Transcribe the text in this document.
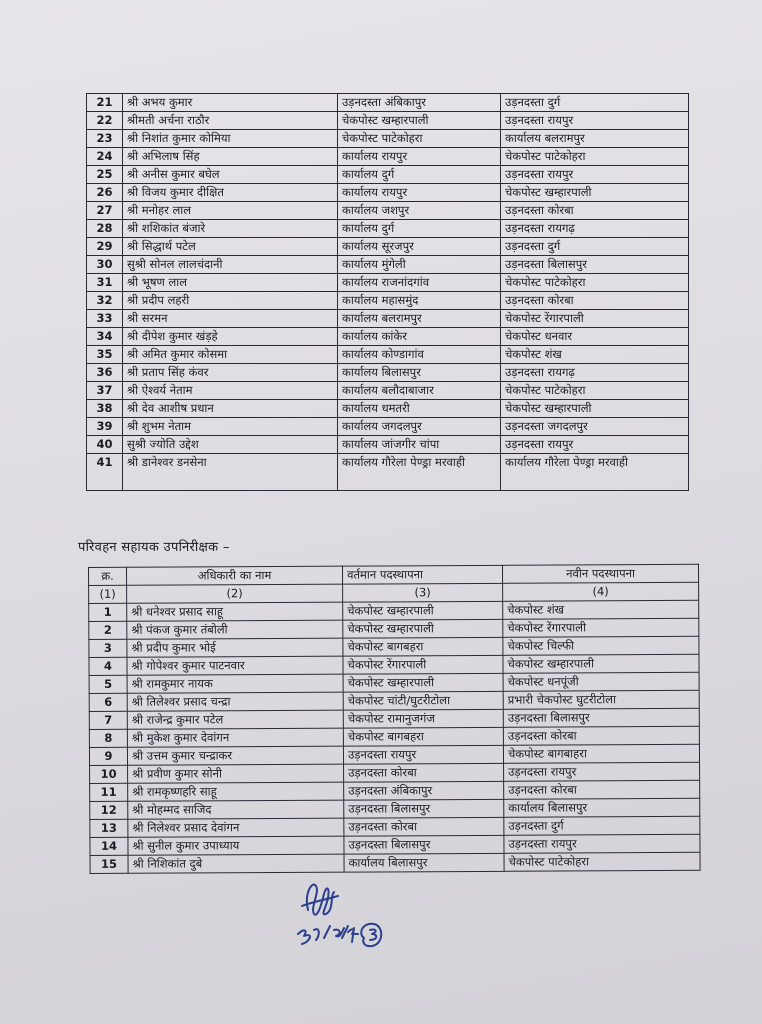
21	श्री अभय कुमार	उड़नदस्ता अंबिकापुर	उड़नदस्ता दुर्ग
22	श्रीमती अर्चना राठौर	चेकपोस्ट खम्हारपाली	उड़नदस्ता रायपुर
23	श्री निशांत कुमार कोमिया	चेकपोस्ट पाटेकोहरा	कार्यालय बलरामपुर
24	श्री अभिलाष सिंह	कार्यालय रायपुर	चेकपोस्ट पाटेकोहरा
25	श्री अनीस कुमार बघेल	कार्यालय दुर्ग	उड़नदस्ता रायपुर
26	श्री विजय कुमार दीक्षित	कार्यालय रायपुर	चेकपोस्ट खम्हारपाली
27	श्री मनोहर लाल	कार्यालय जशपुर	उड़नदस्ता कोरबा
28	श्री शशिकांत बंजारे	कार्यालय दुर्ग	उड़नदस्ता रायगढ़
29	श्री सिद्धार्थ पटेल	कार्यालय सूरजपुर	उड़नदस्ता दुर्ग
30	सुश्री सोनल लालचंदानी	कार्यालय मुंगेली	उड़नदस्ता बिलासपुर
31	श्री भूषण लाल	कार्यालय राजनांदगांव	चेकपोस्ट पाटेकोहरा
32	श्री प्रदीप लहरी	कार्यालय महासमुंद	उड़नदस्ता कोरबा
33	श्री सरमन	कार्यालय बलरामपुर	चेकपोस्ट रेंगारपाली
34	श्री दीपेश कुमार खंड़हे	कार्यालय कांकेर	चेकपोस्ट धनवार
35	श्री अमित कुमार कोसमा	कार्यालय कोण्डागांव	चेकपोस्ट शंख
36	श्री प्रताप सिंह कंवर	कार्यालय बिलासपुर	उड़नदस्ता रायगढ़
37	श्री ऐश्वर्य नेताम	कार्यालय बलौदाबाजार	चेकपोस्ट पाटेकोहरा
38	श्री देव आशीष प्रधान	कार्यालय धमतरी	चेकपोस्ट खम्हारपाली
39	श्री शुभम नेताम	कार्यालय जगदलपुर	उड़नदस्ता जगदलपुर
40	सुश्री ज्योति उद्देश	कार्यालय जांजगीर चांपा	उड़नदस्ता रायपुर
41	श्री डानेश्वर डनसेना	कार्यालय गौरेला पेण्ड्रा मरवाही	कार्यालय गौरेला पेण्ड्रा मरवाही
परिवहन सहायक उपनिरीक्षक –
क्र.	अधिकारी का नाम	वर्तमान पदस्थापना	नवीन पदस्थापना
(1)	(2)	(3)	(4)
1	श्री धनेश्वर प्रसाद साहू	चेकपोस्ट खम्हारपाली	चेकपोस्ट शंख
2	श्री पंकज कुमार तंबोली	चेकपोस्ट खम्हारपाली	चेकपोस्ट रेंगारपाली
3	श्री प्रदीप कुमार भोई	चेकपोस्ट बागबहरा	चेकपोस्ट चिल्फी
4	श्री गोपेश्वर कुमार पाटनवार	चेकपोस्ट रेंगारपाली	चेकपोस्ट खम्हारपाली
5	श्री रामकुमार नायक	चेकपोस्ट खम्हारपाली	चेकपोस्ट धनपूंजी
6	श्री तिलेश्वर प्रसाद चन्द्रा	चेकपोस्ट चांटी/घुटरीटोला	प्रभारी चेकपोस्ट घुटरीटोला
7	श्री राजेन्द्र कुमार पटेल	चेकपोस्ट रामानुजगंज	उड़नदस्ता बिलासपुर
8	श्री मुकेश कुमार देवांगन	चेकपोस्ट बागबहरा	उड़नदस्ता कोरबा
9	श्री उत्तम कुमार चन्द्राकर	उड़नदस्ता रायपुर	चेकपोस्ट बागबाहरा
10	श्री प्रवीण कुमार सोनी	उड़नदस्ता कोरबा	उड़नदस्ता रायपुर
11	श्री रामकृष्णहरि साहू	उड़नदस्ता अंबिकापुर	उड़नदस्ता कोरबा
12	श्री मोहम्मद साजिद	उड़नदस्ता बिलासपुर	कार्यालय बिलासपुर
13	श्री निलेश्वर प्रसाद देवांगन	उड़नदस्ता कोरबा	उड़नदस्ता दुर्ग
14	श्री सुनील कुमार उपाध्याय	उड़नदस्ता बिलासपुर	उड़नदस्ता रायपुर
15	श्री निशिकांत दुबे	कार्यालय बिलासपुर	चेकपोस्ट पाटेकोहरा
